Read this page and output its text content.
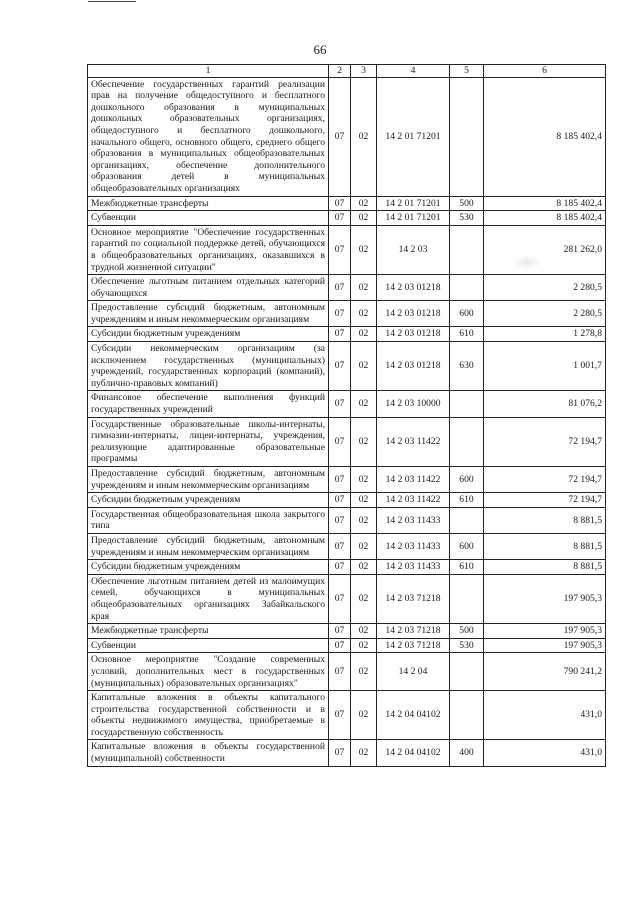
66
1	2	3	4	5	6
Обеспечение государственных гарантий реализации прав на получение общедоступного и бесплатного дошкольного образования в муниципальных дошкольных образовательных организациях, общедоступного и бесплатного дошкольного, начального общего, основного общего, среднего общего образования в муниципальных общеобразовательных организациях, обеспечение дополнительного образования детей в муниципальных общеобразовательных организациях	07	02	14 2 01 71201		8 185 402,4
Межбюджетные трансферты	07	02	14 2 01 71201	500	8 185 402,4
Субвенции	07	02	14 2 01 71201	530	8 185 402,4
Основное мероприятие "Обеспечение государственных гарантий по социальной поддержке детей, обучающихся в общеобразовательных организациях, оказавшихся в трудной жизненной ситуации"	07	02	14 2 03		281 262,0
Обеспечение льготным питанием отдельных категорий обучающихся	07	02	14 2 03 01218		2 280,5
Предоставление субсидий бюджетным, автономным учреждениям и иным некоммерческим организациям	07	02	14 2 03 01218	600	2 280,5
Субсидии бюджетным учреждениям	07	02	14 2 03 01218	610	1 278,8
Субсидии некоммерческим организациям (за исключением государственных (муниципальных) учреждений, государственных корпораций (компаний), публично-правовых компаний)	07	02	14 2 03 01218	630	1 001,7
Финансовое обеспечение выполнения функций государственных учреждений	07	02	14 2 03 10000		81 076,2
Государственные образовательные школы-интернаты, гимназии-интернаты, лицеи-интернаты, учреждения, реализующие адаптированные образовательные программы	07	02	14 2 03 11422		72 194,7
Предоставление субсидий бюджетным, автономным учреждениям и иным некоммерческим организациям	07	02	14 2 03 11422	600	72 194,7
Субсидии бюджетным учреждениям	07	02	14 2 03 11422	610	72 194,7
Государственная общеобразовательная школа закрытого типа	07	02	14 2 03 11433		8 881,5
Предоставление субсидий бюджетным, автономным учреждениям и иным некоммерческим организациям	07	02	14 2 03 11433	600	8 881,5
Субсидии бюджетным учреждениям	07	02	14 2 03 11433	610	8 881,5
Обеспечение льготным питанием детей из малоимущих семей, обучающихся в муниципальных общеобразовательных организациях Забайкальского края	07	02	14 2 03 71218		197 905,3
Межбюджетные трансферты	07	02	14 2 03 71218	500	197 905,3
Субвенции	07	02	14 2 03 71218	530	197 905,3
Основное мероприятие "Создание современных условий, дополнительных мест в государственных (муниципальных) образовательных организациях"	07	02	14 2 04		790 241,2
Капитальные вложения в объекты капитального строительства государственной собственности и в объекты недвижимого имущества, приобретаемые в государственную собственность	07	02	14 2 04 04102		431,0
Капитальные вложения в объекты государственной (муниципальной) собственности	07	02	14 2 04 04102	400	431,0
